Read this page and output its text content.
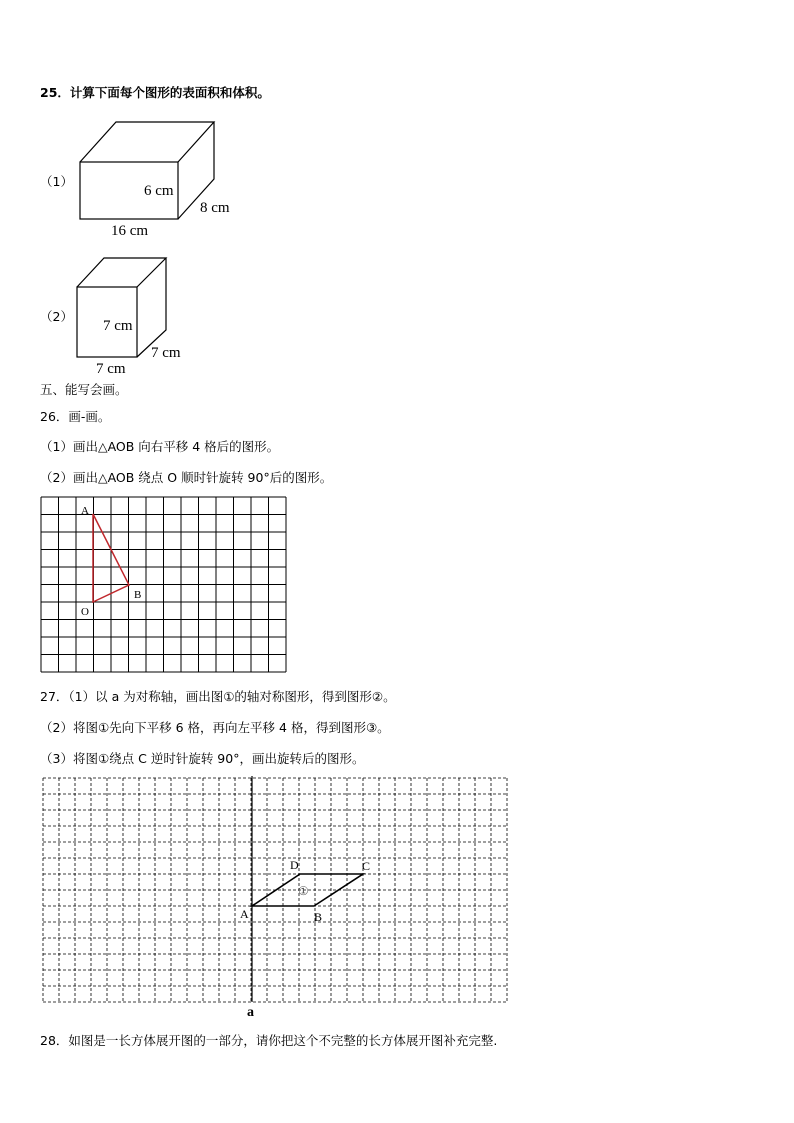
25．计算下面每个图形的表面积和体积。
（1）
6 cm
8 cm
16 cm
（2）
7 cm
7 cm
7 cm
五、能写会画。
26．画-画。
（1）画出△AOB 向右平移 4 格后的图形。
（2）画出△AOB 绕点 O 顺时针旋转 90°后的图形。
A
B
O
27．（1）以 a 为对称轴，画出图①的轴对称图形，得到图形②。
（2）将图①先向下平移 6 格，再向左平移 4 格，得到图形③。
（3）将图①绕点 C 逆时针旋转 90°，画出旋转后的图形。
①
A	B
C
D
a
28．如图是一长方体展开图的一部分，请你把这个不完整的长方体展开图补充完整.
